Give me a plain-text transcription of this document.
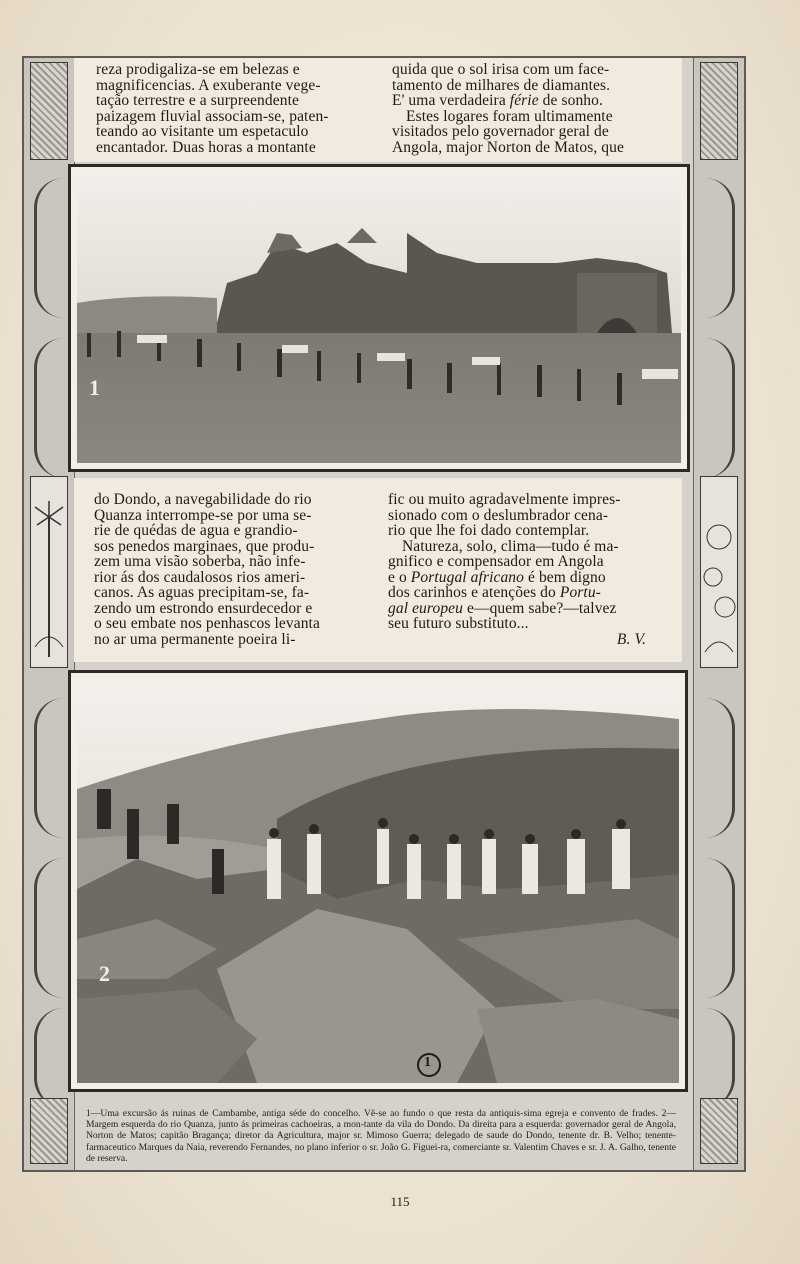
reza prodigaliza-se em belezas e

magnificencias. A exuberante vege-

tação terrestre e a surpreendente

paizagem fluvial associam-se, paten-

teando ao visitante um espetaculo

encantador. Duas horas a montante

quida que o sol irisa com um face-

tamento de milhares de diamantes.

E' uma verdadeira férie de sonho.

Estes logares foram ultimamente

visitados pelo governador geral de

Angola, major Norton de Matos, que

1

do Dondo, a navegabilidade do rio

Quanza interrompe-se por uma se-

rie de quédas de agua e grandio-

sos penedos marginaes, que produ-

zem uma visão soberba, não infe-

rior ás dos caudalosos rios ameri-

canos. As aguas precipitam-se, fa-

zendo um estrondo ensurdecedor e

o seu embate nos penhascos levanta

no ar uma permanente poeira li-

fic ou muito agradavelmente impres-

sionado com o deslumbrador cena-

rio que lhe foi dado contemplar.

Natureza, solo, clima—tudo é ma-

gnifico e compensador em Angola

e o Portugal africano é bem digno

dos carinhos e atenções do Portu-

gal europeu e—quem sabe?—talvez

seu futuro substituto...

B. V.

2
1
1—Uma excursão ás ruinas de Cambambe, antiga séde do concelho. Vê-se ao fundo o que resta da antiquis-sima egreja e convento de frades. 2—Margem esquerda do rio Quanza, junto ás primeiras cachoeiras, a mon-tante da vila do Dondo. Da direita para a esquerda: governador geral de Angola, Norton de Matos; capitão Bragança; diretor da Agricultura, major sr. Mimoso Guerra; delegado de saude do Dondo, tenente dr. B. Velho; tenente-farmaceutico Marques da Naia, reverendo Fernandes, no plano inferior o sr. João G. Figuei-ra, comerciante sr. Valentim Chaves e sr. J. A. Galho, tenente de reserva.
115
